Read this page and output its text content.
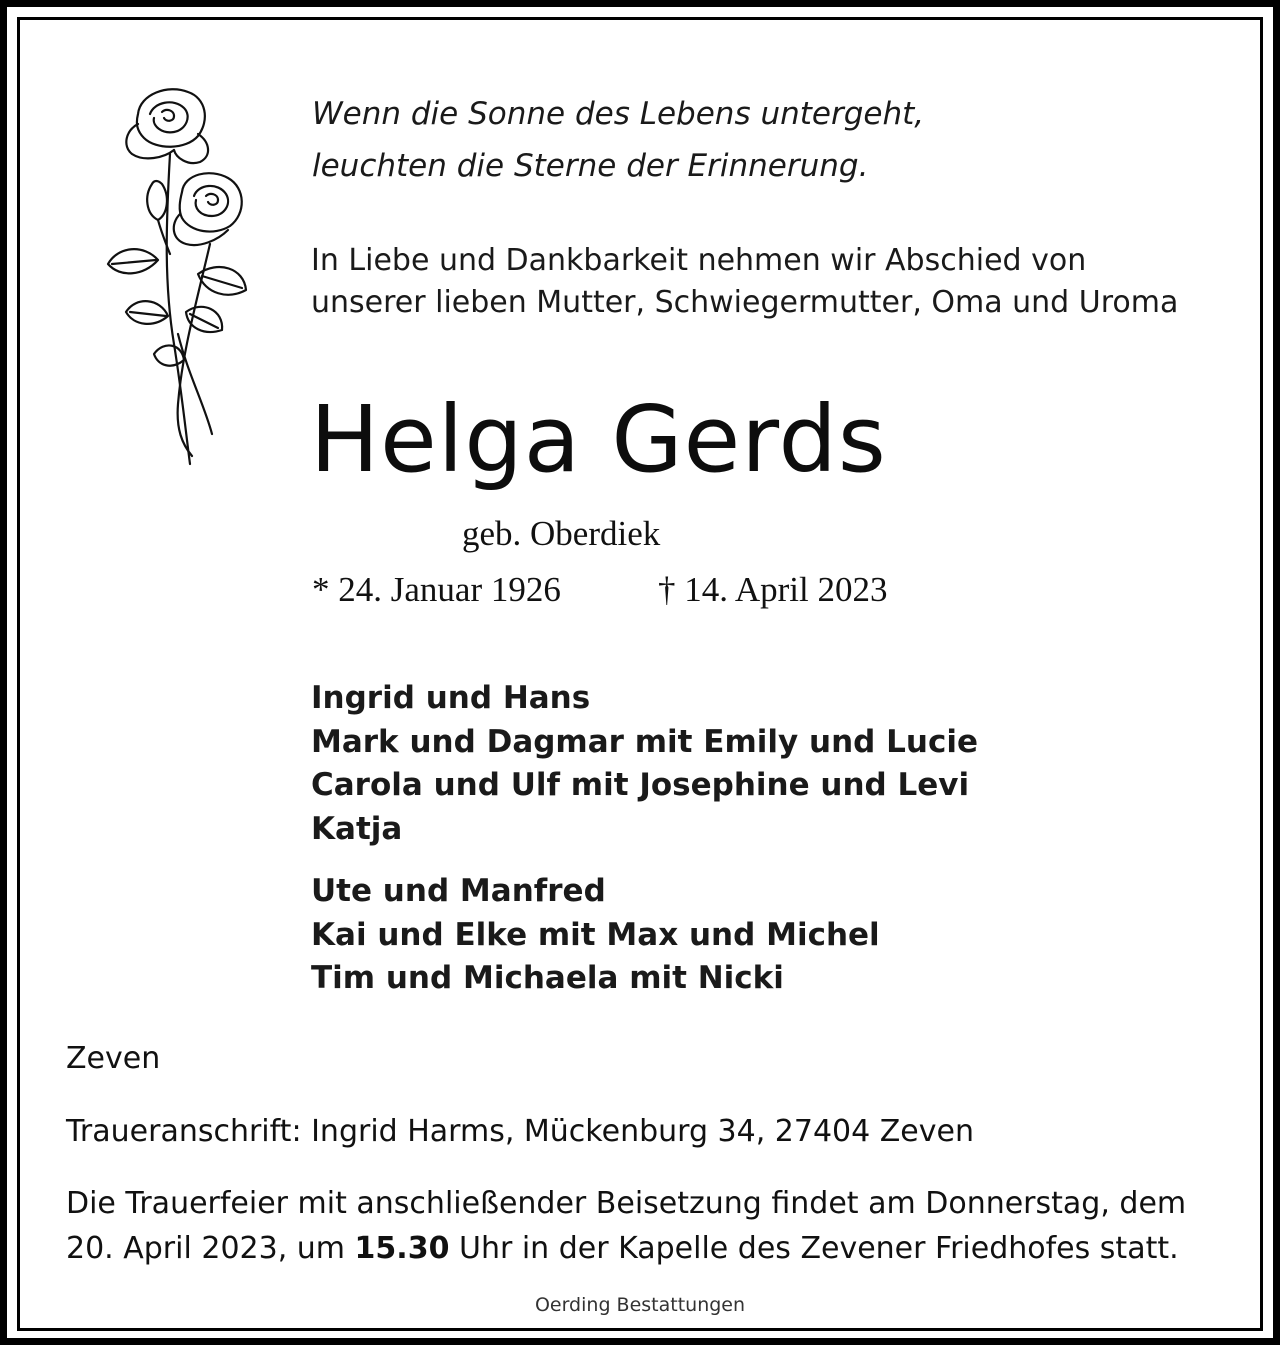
Wenn die Sonne des Lebens untergeht,
leuchten die Sterne der Erinnerung.
In Liebe und Dankbarkeit nehmen wir Abschied von
unserer lieben Mutter, Schwiegermutter, Oma und Uroma
Helga Gerds
geb. Oberdiek
* 24. Januar 1926	† 14. April 2023
Ingrid und Hans
Mark und Dagmar mit Emily und Lucie
Carola und Ulf mit Josephine und Levi
Katja
Ute und Manfred
Kai und Elke mit Max und Michel
Tim und Michaela mit Nicki
Zeven
Traueranschrift: Ingrid Harms, Mückenburg 34, 27404 Zeven
Die Trauerfeier mit anschließender Beisetzung findet am Donnerstag, dem
20. April 2023, um 15.30 Uhr in der Kapelle des Zevener Friedhofes statt.
Oerding Bestattungen
